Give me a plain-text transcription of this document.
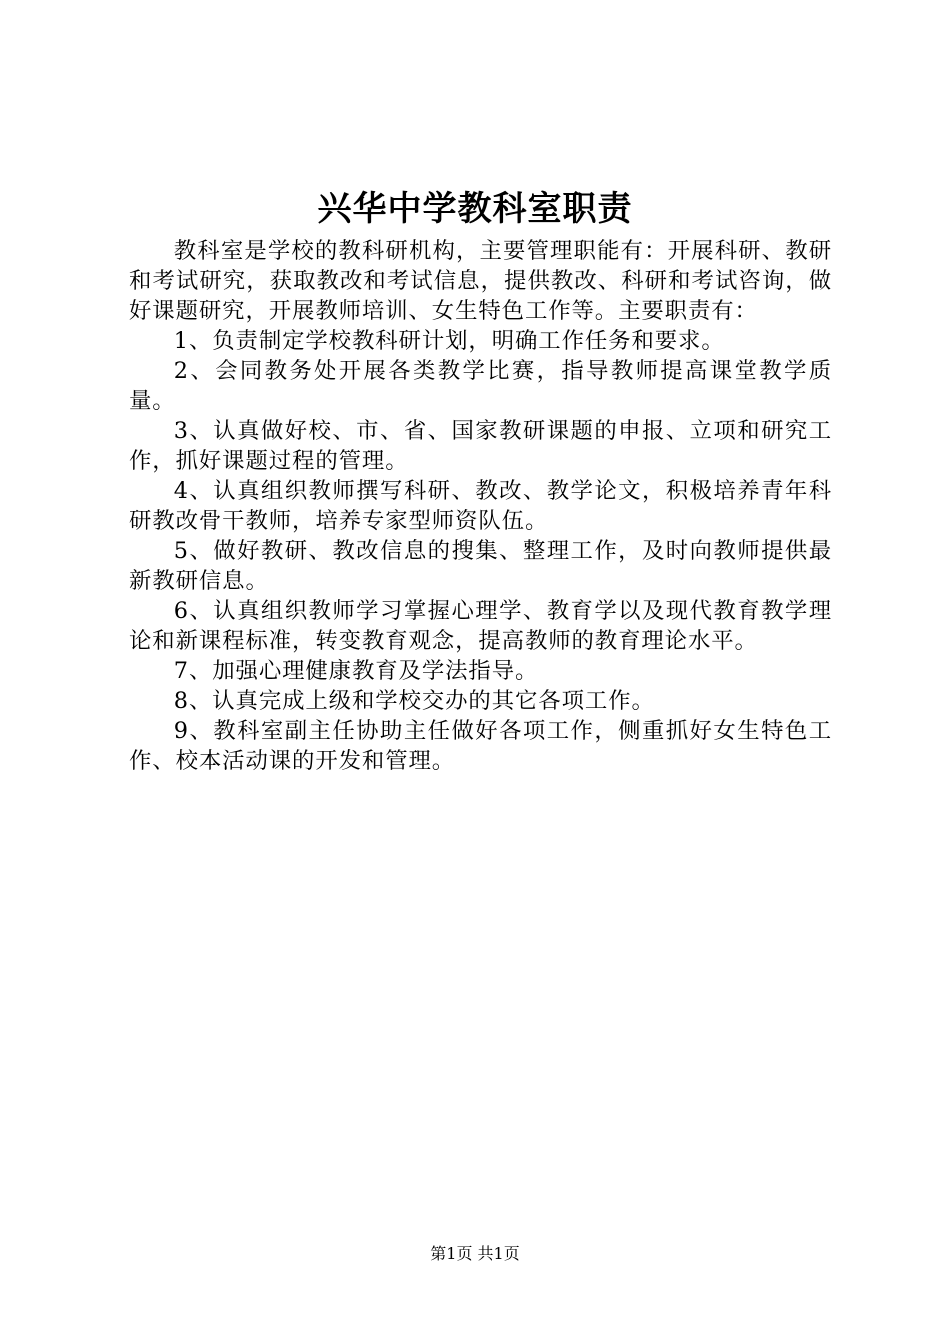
兴华中学教科室职责

教科室是学校的教科研机构，主要管理职能有：开展科研、教研和考试研究，获取教改和考试信息，提供教改、科研和考试咨询，做好课题研究，开展教师培训、女生特色工作等。主要职责有：

1、负责制定学校教科研计划，明确工作任务和要求。

2、会同教务处开展各类教学比赛，指导教师提高课堂教学质量。

3、认真做好校、市、省、国家教研课题的申报、立项和研究工作，抓好课题过程的管理。

4、认真组织教师撰写科研、教改、教学论文，积极培养青年科研教改骨干教师，培养专家型师资队伍。

5、做好教研、教改信息的搜集、整理工作，及时向教师提供最新教研信息。

6、认真组织教师学习掌握心理学、教育学以及现代教育教学理论和新课程标准，转变教育观念，提高教师的教育理论水平。

7、加强心理健康教育及学法指导。

8、认真完成上级和学校交办的其它各项工作。

9、教科室副主任协助主任做好各项工作，侧重抓好女生特色工作、校本活动课的开发和管理。

第1页 共1页
